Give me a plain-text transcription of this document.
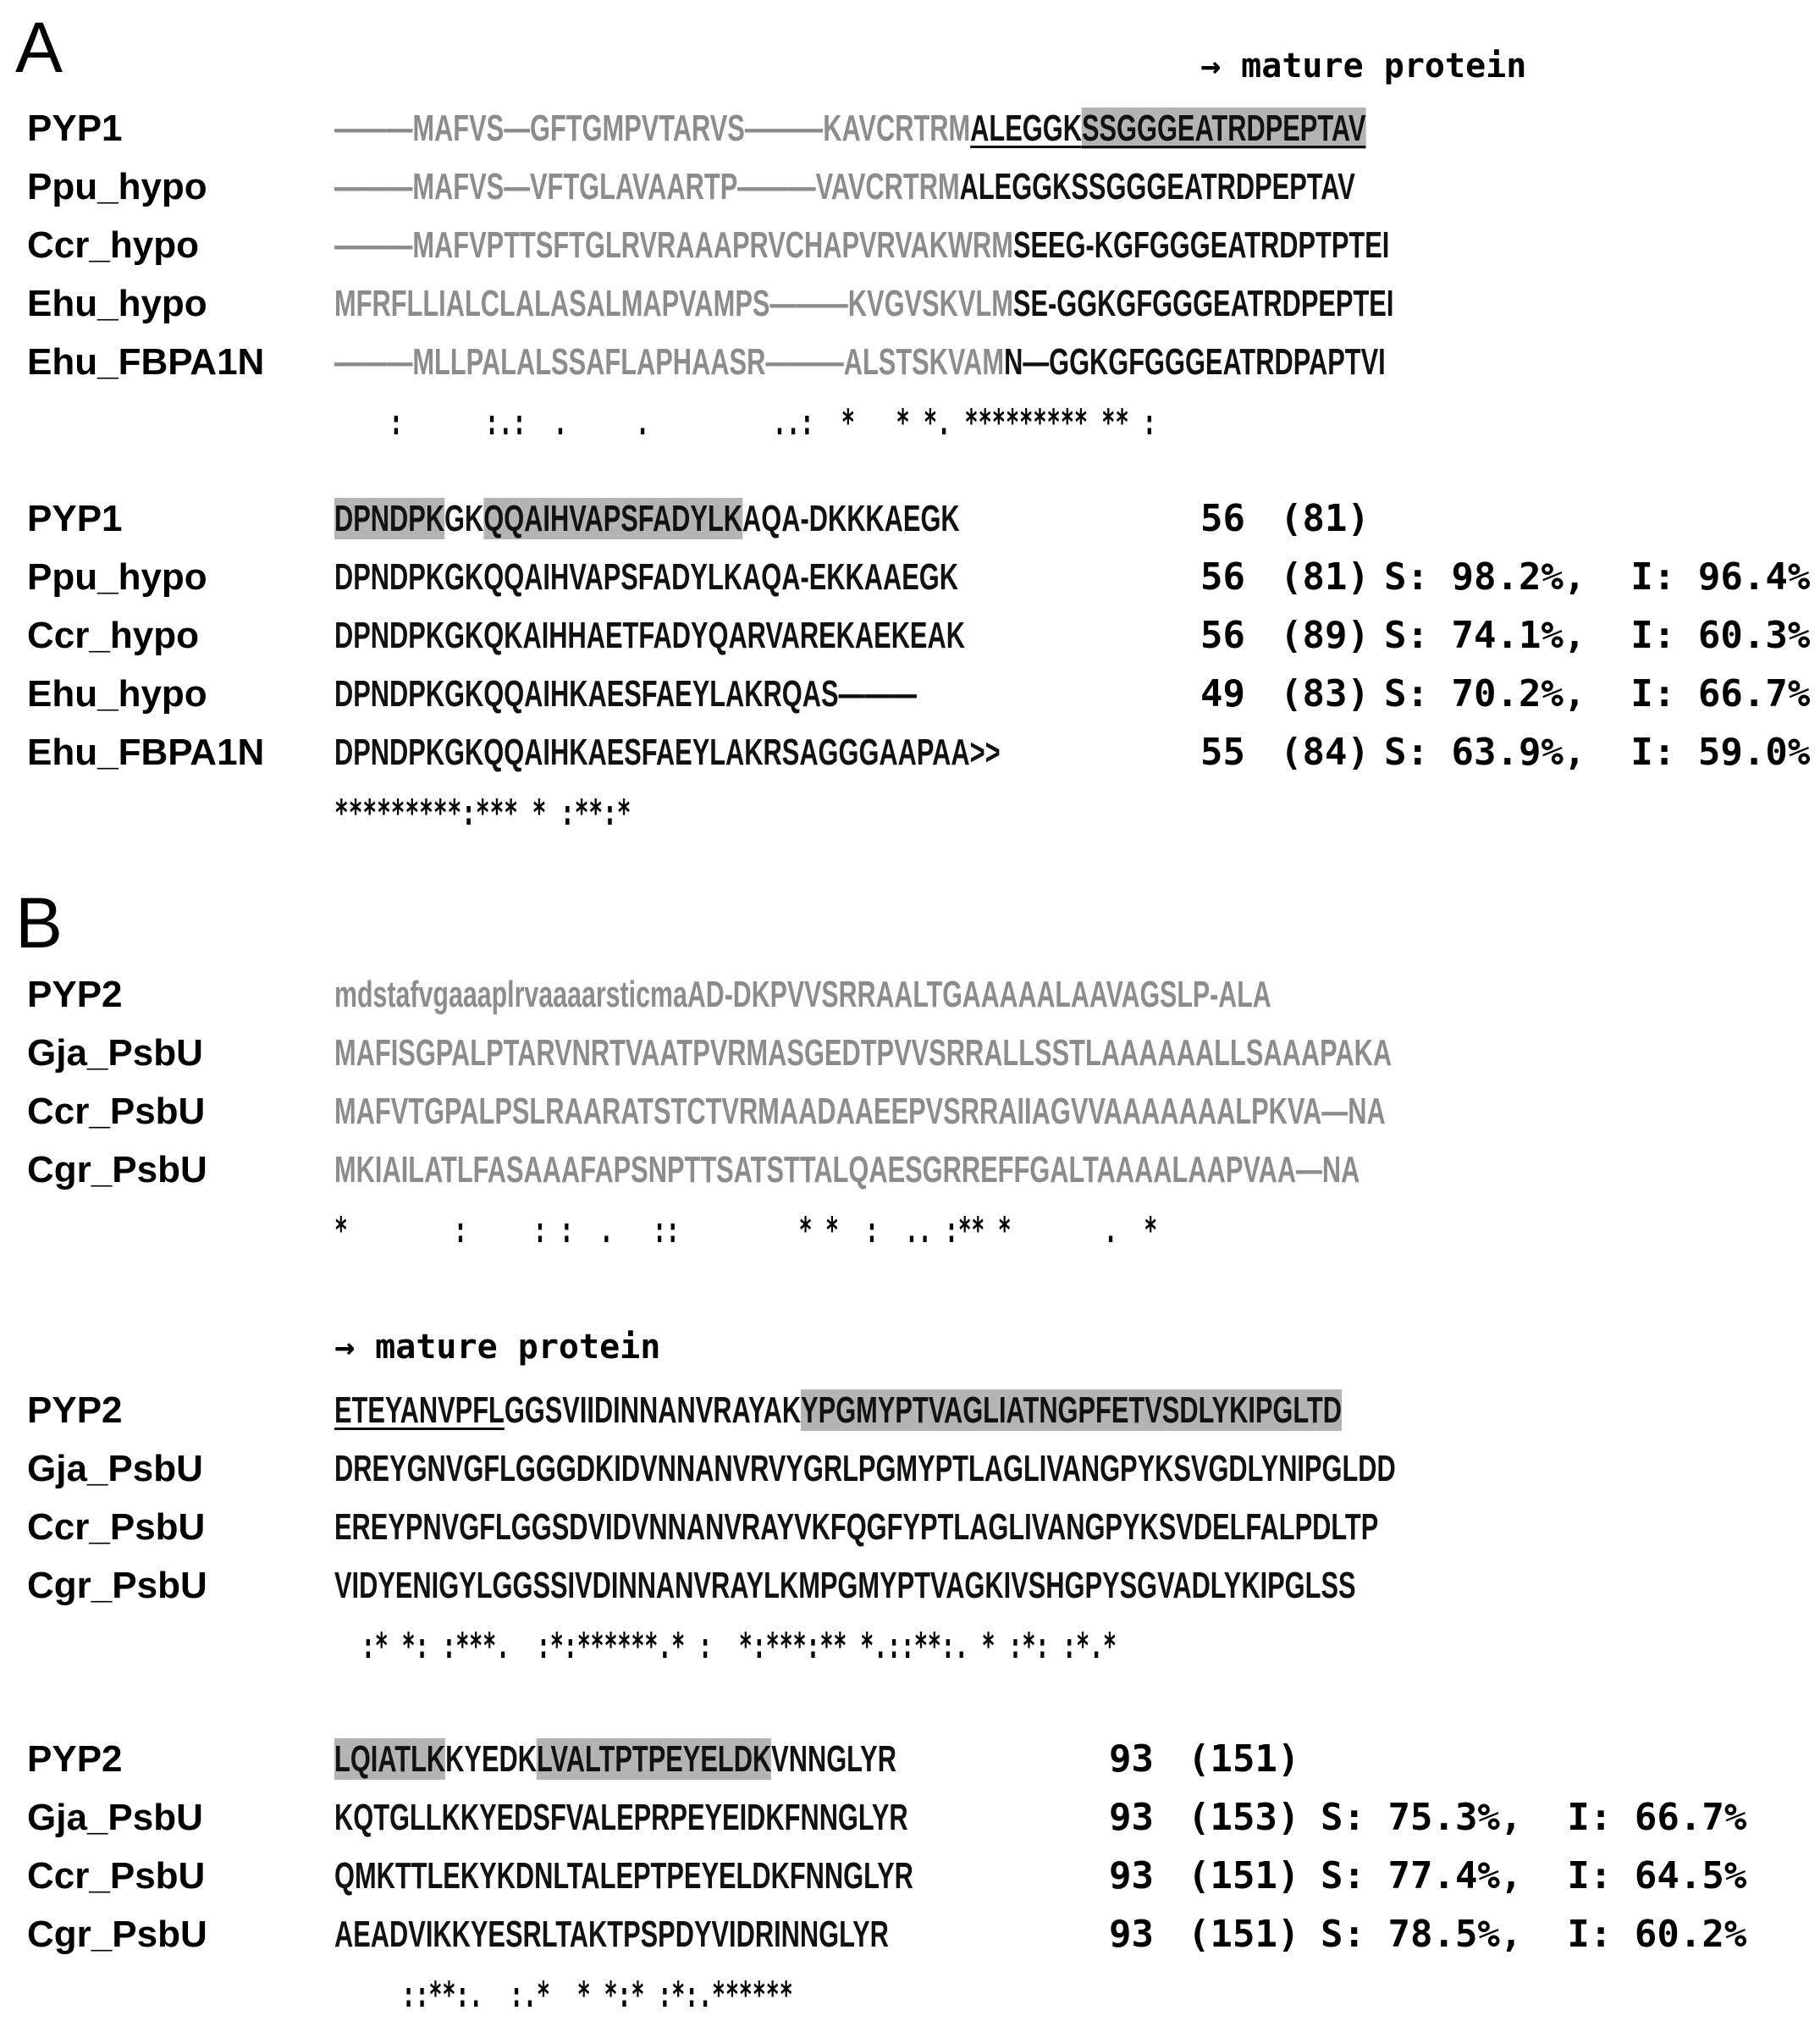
A	→ mature protein
PYP1	———MAFVS—GFTGMPVTARVS———KAVCRTRMALEGGKSSGGGEATRDPEPTAV
Ppu_hypo	———MAFVS—VFTGLAVAARTP———VAVCRTRMALEGGKSSGGGEATRDPEPTAV
Ccr_hypo	———MAFVPTTSFTGLRVRAAAPRVCHAPVRVAKWRMSEEG-KGFGGGEATRDPTPTEI
Ehu_hypo	MFRFLLIALCLALASALMAPVAMPS———KVGVSKVLMSE-GGKGFGGGEATRDPEPTEI
Ehu_FBPA1N ———MLLPALALSSAFLAPHAASR———ALSTSKVAMN—GGKGFGGGEATRDPAPTVI
:      :.:  .     .         ..:  *   * *. ********* ** :
PYP1	DPNDPKGKQQAIHVAPSFADYLKAQA-DKKKAEGK	56 (81)
Ppu_hypo	DPNDPKGKQQAIHVAPSFADYLKAQA-EKKAAEGK	56 (81) S: 98.2%,  I: 96.4%
Ccr_hypo	DPNDPKGKQKAIHHAETFADYQARVAREKAEKEAK	56 (89) S: 74.1%,  I: 60.3%
Ehu_hypo	DPNDPKGKQQAIHKAESFAEYLAKRQAS———	49 (83) S: 70.2%,  I: 66.7%
Ehu_FBPA1N DPNDPKGKQQAIHKAESFAEYLAKRSAGGGAAPAA>>	55 (84) S: 63.9%,  I: 59.0%
*********:*** * :**:*
B
PYP2	mdstafvgaaaplrvaaaarsticmaAD-DKPVVSRRAALTGAAAAALAAVAGSLP-ALA
Gja_PsbU	MAFISGPALPTARVNRTVAATPVRMASGEDTPVVSRRALLSSTLAAAAAALLSAAAPAKA
Ccr_PsbU	MAFVTGPALPSLRAARATSTCTVRMAADAAEEPVSRRAIIAGVVAAAAAAALPKVA—NA
Cgr_PsbU	MKIAILATLFASAAAFAPSNPTTSATSTTALQAESGRREFFGALTAAAALAAPVAA—NA
*        :     : :  .   ::         * *  :  .. :** *       .  *
→ mature protein
PYP2	ETEYANVPFLGGSVIIDINNANVRAYAKYPGMYPTVAGLIATNGPFETVSDLYKIPGLTD
Gja_PsbU	DREYGNVGFLGGGDKIDVNNANVRVYGRLPGMYPTLAGLIVANGPYKSVGDLYNIPGLDD
Ccr_PsbU	EREYPNVGFLGGSDVIDVNNANVRAYVKFQGFYPTLAGLIVANGPYKSVDELFALPDLTP
Cgr_PsbU	VIDYENIGYLGGSSIVDINNANVRAYLKMPGMYPTVAGKIVSHGPYSGVADLYKIPGLSS
:* *: :***.  :*:******.* :  *:***:** *.::**:. * :*: :*.*
PYP2	LQIATLKKYEDKLVALTPTPEYELDKVNNGLYR	93 (151)
Gja_PsbU	KQTGLLKKYEDSFVALEPRPEYEIDKFNNGLYR	93 (153) S: 75.3%,  I: 66.7%
Ccr_PsbU	QMKTTLEKYKDNLTALEPTPEYELDKFNNGLYR	93 (151) S: 77.4%,  I: 64.5%
Cgr_PsbU	AEADVIKKYESRLTAKTPSPDYVIDRINNGLYR	93 (151) S: 78.5%,  I: 60.2%
::**:.  :.*  * *:* :*:.******
